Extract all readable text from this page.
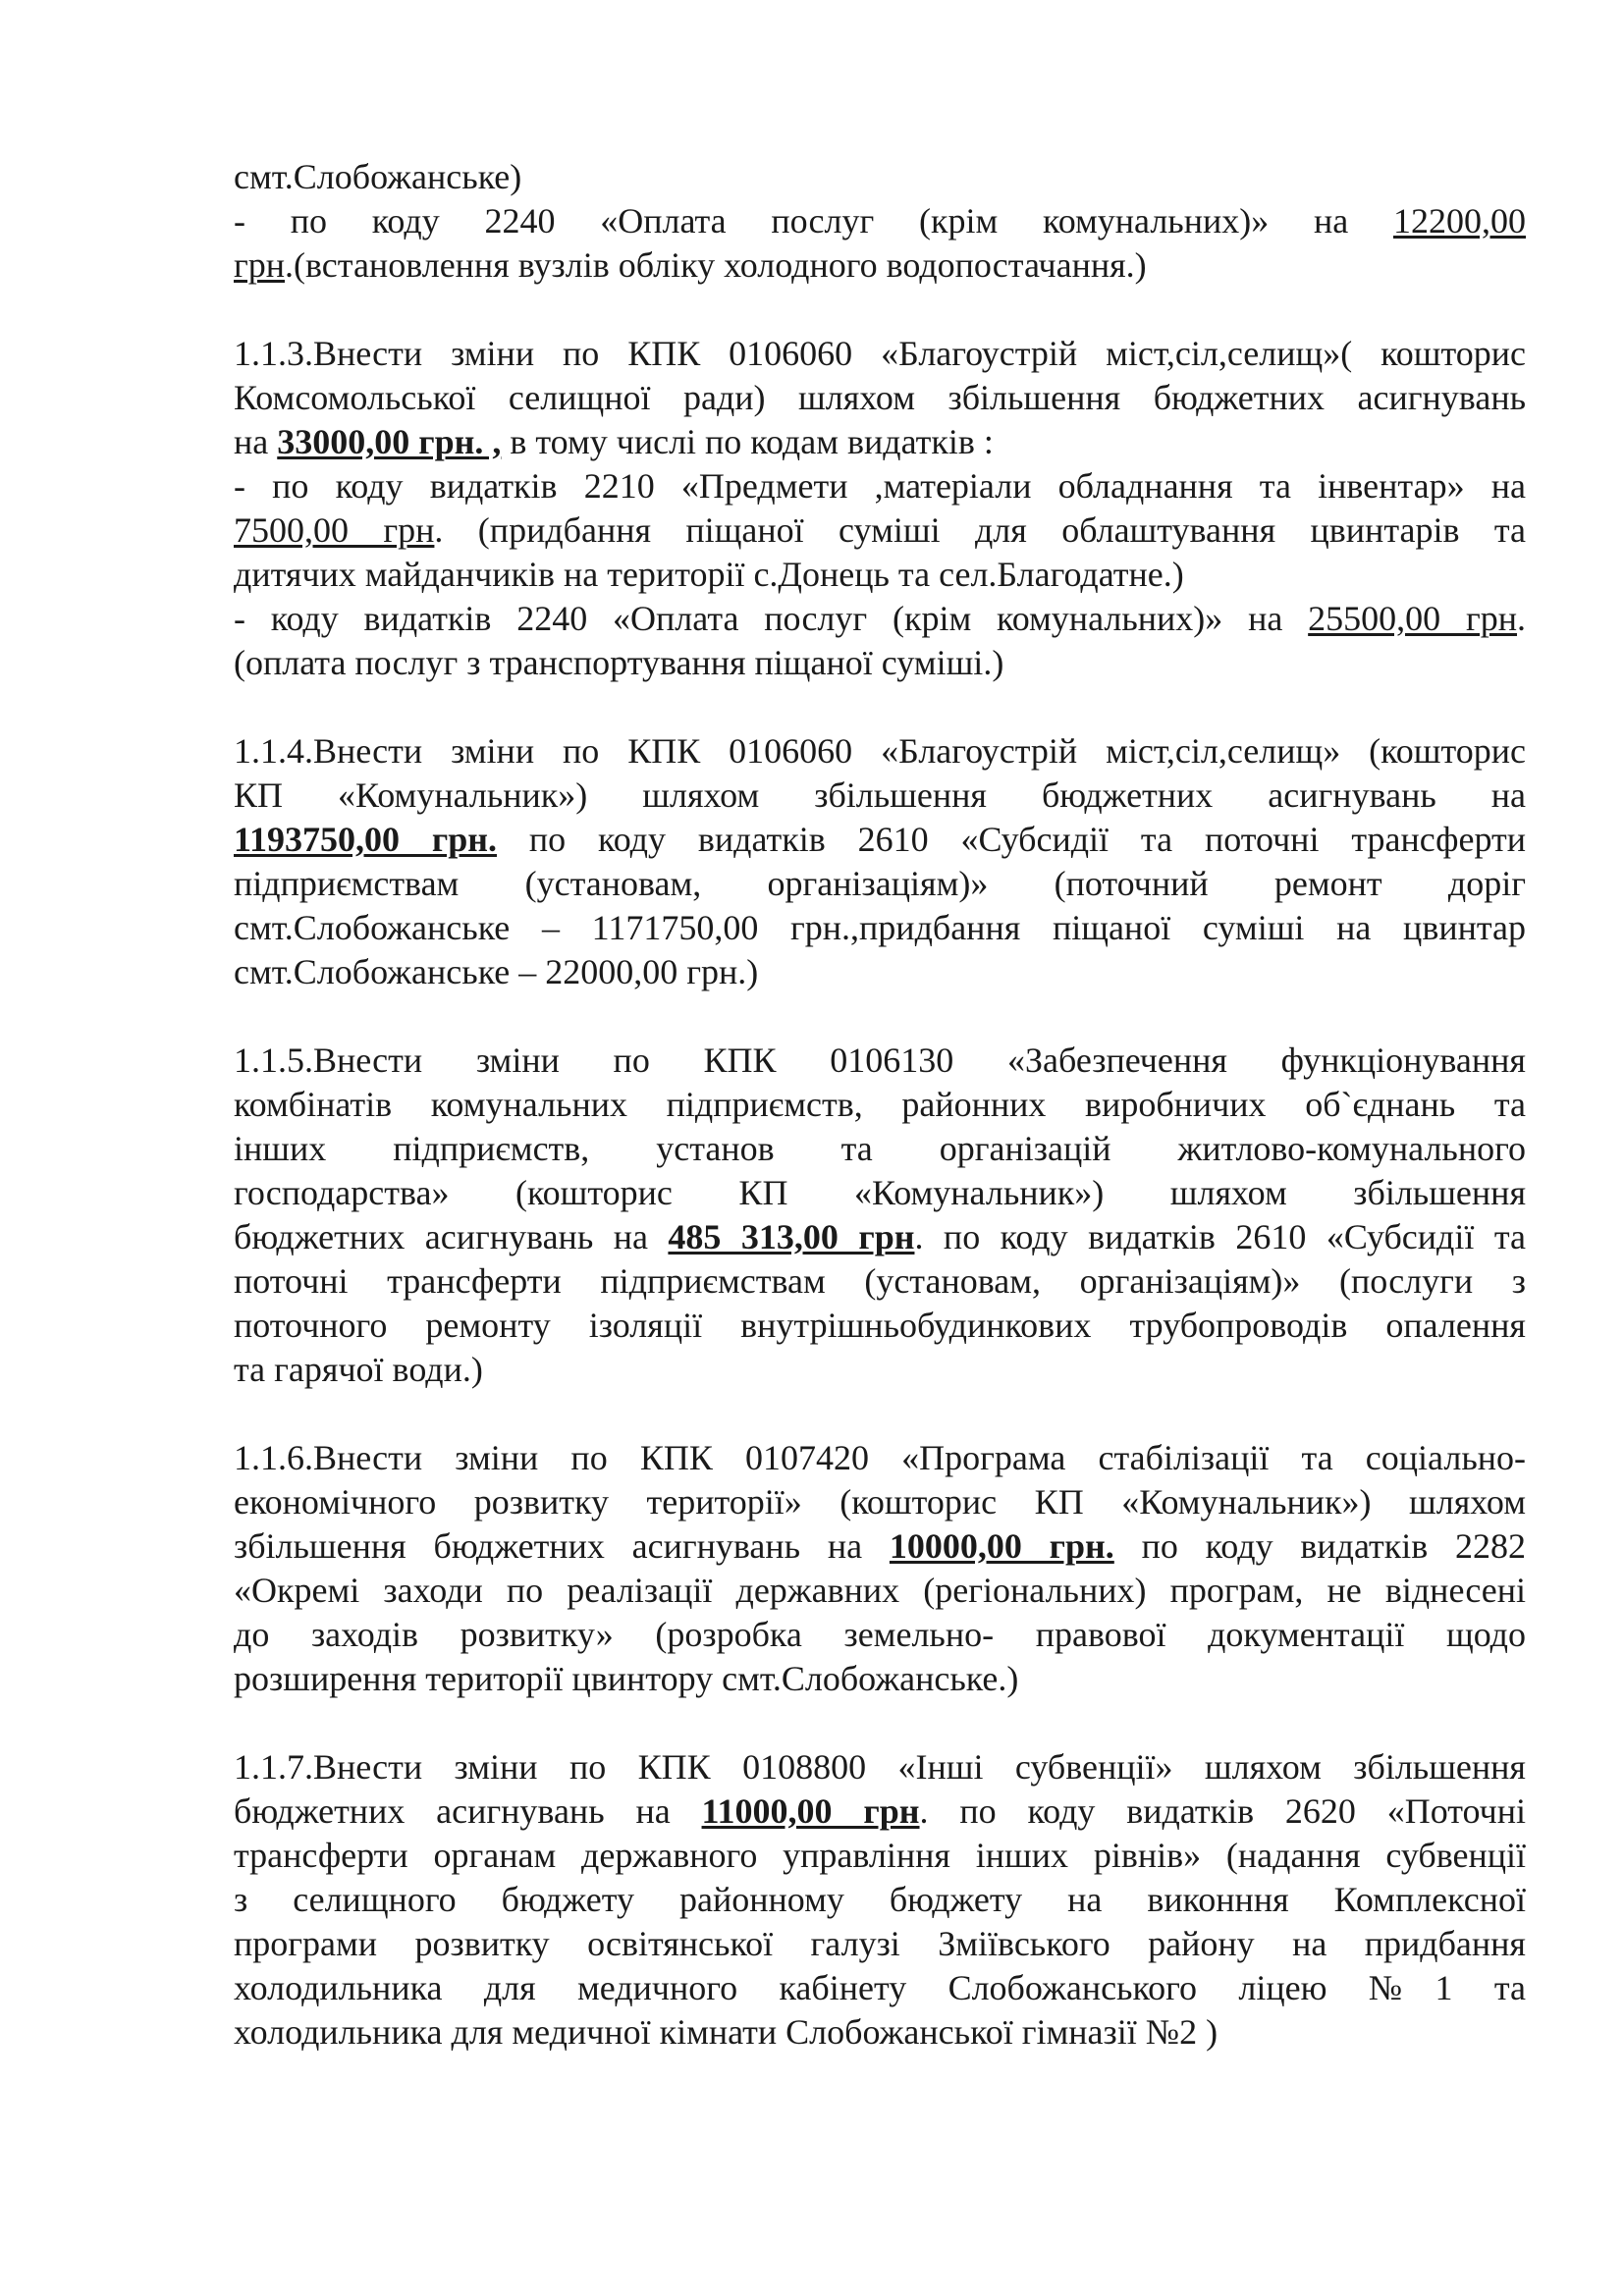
смт.Слобожанське)
- по коду 2240 «Оплата послуг (крім комунальних)» на 12200,00
грн.(встановлення вузлів обліку холодного водопостачання.)
1.1.3.Внести зміни по КПК 0106060 «Благоустрій міст,сіл,селищ»( кошторис
Комсомольської селищної ради) шляхом збільшення бюджетних асигнувань
на 33000,00 грн. , в тому числі по кодам видатків :
- по коду видатків 2210 «Предмети ,матеріали обладнання та інвентар» на
7500,00 грн. (придбання піщаної суміші для облаштування цвинтарів та
дитячих майданчиків на території с.Донець та сел.Благодатне.)
- коду видатків 2240 «Оплата послуг (крім комунальних)» на 25500,00 грн.
(оплата послуг з транспортування піщаної суміші.)
1.1.4.Внести зміни по КПК 0106060 «Благоустрій міст,сіл,селищ» (кошторис
КП «Комунальник») шляхом збільшення бюджетних асигнувань на
1193750,00 грн. по коду видатків 2610 «Субсидії та поточні трансферти
підприємствам (установам, організаціям)» (поточний ремонт доріг
смт.Слобожанське – 1171750,00 грн.,придбання піщаної суміші на цвинтар
смт.Слобожанське – 22000,00 грн.)
1.1.5.Внести зміни по КПК 0106130 «Забезпечення функціонування
комбінатів комунальних підприємств, районних виробничих об`єднань та
інших підприємств, установ та організацій житлово-комунального
господарства» (кошторис КП «Комунальник») шляхом збільшення
бюджетних асигнувань на 485 313,00 грн. по коду видатків 2610 «Субсидії та
поточні трансферти підприємствам (установам, організаціям)» (послуги з
поточного ремонту ізоляції внутрішньобудинкових трубопроводів опалення
та гарячої води.)
1.1.6.Внести зміни по КПК 0107420 «Програма стабілізації та соціально-
економічного розвитку території» (кошторис КП «Комунальник») шляхом
збільшення бюджетних асигнувань на 10000,00 грн. по коду видатків 2282
«Окремі заходи по реалізації державних (регіональних) програм, не віднесені
до заходів розвитку» (розробка земельно- правової документації щодо
розширення території цвинтору смт.Слобожанське.)
1.1.7.Внести зміни по КПК 0108800 «Інші субвенції» шляхом збільшення
бюджетних асигнувань на 11000,00 грн. по коду видатків 2620 «Поточні
трансферти органам державного управління інших рівнів» (надання субвенції
з селищного бюджету районному бюджету на виконння Комплексної
програми розвитку освітянської галузі Зміївського району на придбання
холодильника для медичного кабінету Слобожанського ліцею №1 та
холодильника для медичної кімнати Слобожанської гімназії №2 )
